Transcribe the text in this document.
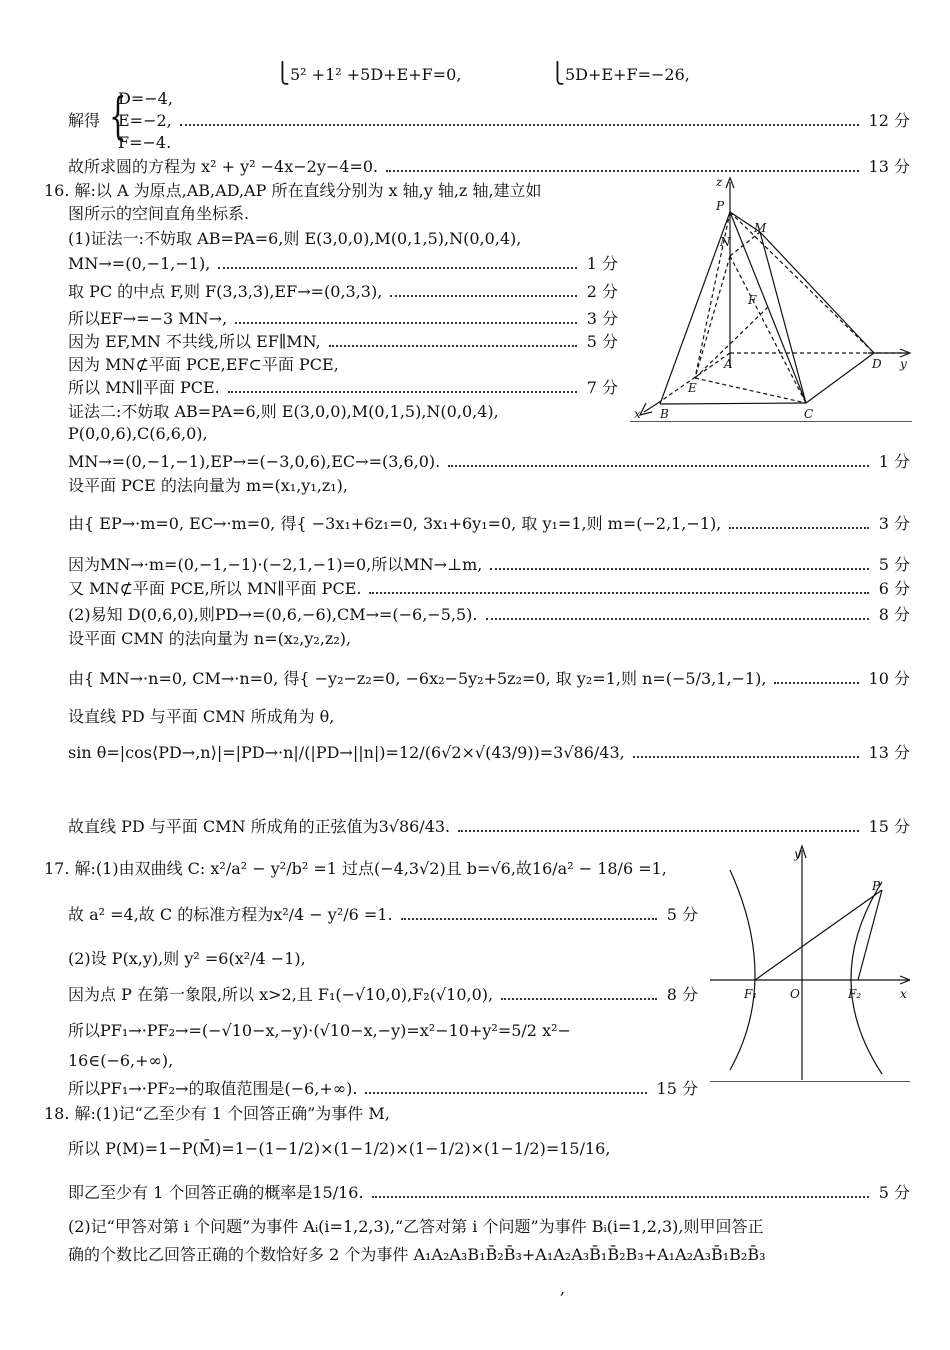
⎩5² +1² +5D+E+F=0,	⎩5D+E+F=−26,
解得 {
D=−4,
E=−2,	12 分
F=−4.
故所求圆的方程为 x² + y² −4x−2y−4=0.	13 分
16. 解:以 A 为原点,AB,AD,AP 所在直线分别为 x 轴,y 轴,z 轴,建立如
图所示的空间直角坐标系.
(1)证法一:不妨取 AB=PA=6,则 E(3,0,0),M(0,1,5),N(0,0,4),
MN→=(0,−1,−1),	1 分
取 PC 的中点 F,则 F(3,3,3),EF→=(0,3,3),	2 分
所以EF→=−3 MN→,	3 分
因为 EF,MN 不共线,所以 EF∥MN,	5 分
因为 MN⊄平面 PCE,EF⊂平面 PCE,
所以 MN∥平面 PCE.	7 分
证法二:不妨取 AB=PA=6,则 E(3,0,0),M(0,1,5),N(0,0,4),
P(0,0,6),C(6,6,0),
MN→=(0,−1,−1),EP→=(−3,0,6),EC→=(3,6,0).	1 分
设平面 PCE 的法向量为 m=(x₁,y₁,z₁),
由{ EP→·m=0, EC→·m=0, 得{ −3x₁+6z₁=0, 3x₁+6y₁=0, 取 y₁=1,则 m=(−2,1,−1),	3 分
因为MN→·m=(0,−1,−1)·(−2,1,−1)=0,所以MN→⊥m,	5 分
又 MN⊄平面 PCE,所以 MN∥平面 PCE.	6 分
(2)易知 D(0,6,0),则PD→=(0,6,−6),CM→=(−6,−5,5).	8 分
设平面 CMN 的法向量为 n=(x₂,y₂,z₂),
由{ MN→·n=0, CM→·n=0, 得{ −y₂−z₂=0, −6x₂−5y₂+5z₂=0, 取 y₂=1,则 n=(−5/3,1,−1),	10 分
设直线 PD 与平面 CMN 所成角为 θ,
sin θ=|cos⟨PD→,n⟩|=|PD→·n|/(|PD→||n|)=12/(6√2×√(43/9))=3√86/43,	13 分
故直线 PD 与平面 CMN 所成角的正弦值为3√86/43.	15 分
z
P
M
N
F
A	D y
E
x B	C
17. 解:(1)由双曲线 C: x²/a² − y²/b² =1 过点(−4,3√2)且 b=√6,故16/a² − 18/6 =1,
故 a² =4,故 C 的标准方程为x²/4 − y²/6 =1.	5 分
(2)设 P(x,y),则 y² =6(x²/4 −1),
因为点 P 在第一象限,所以 x>2,且 F₁(−√10,0),F₂(√10,0),	8 分
所以PF₁→·PF₂→=(−√10−x,−y)·(√10−x,−y)=x²−10+y²=5/2 x²−
16∈(−6,+∞),
所以PF₁→·PF₂→的取值范围是(−6,+∞).	15 分
y
P
F₁	O	F₂	x
18. 解:(1)记“乙至少有 1 个回答正确”为事件 M,
所以 P(M)=1−P(M̄)=1−(1−1/2)×(1−1/2)×(1−1/2)×(1−1/2)=15/16,
即乙至少有 1 个回答正确的概率是15/16.	5 分
(2)记“甲答对第 i 个问题”为事件 Aᵢ(i=1,2,3),“乙答对第 i 个问题”为事件 Bᵢ(i=1,2,3),则甲回答正
确的个数比乙回答正确的个数恰好多 2 个为事件 A₁A₂A₃B₁B̄₂B̄₃+A₁A₂A₃B̄₁B̄₂B₃+A₁A₂A₃B̄₁B₂B̄₃
,
